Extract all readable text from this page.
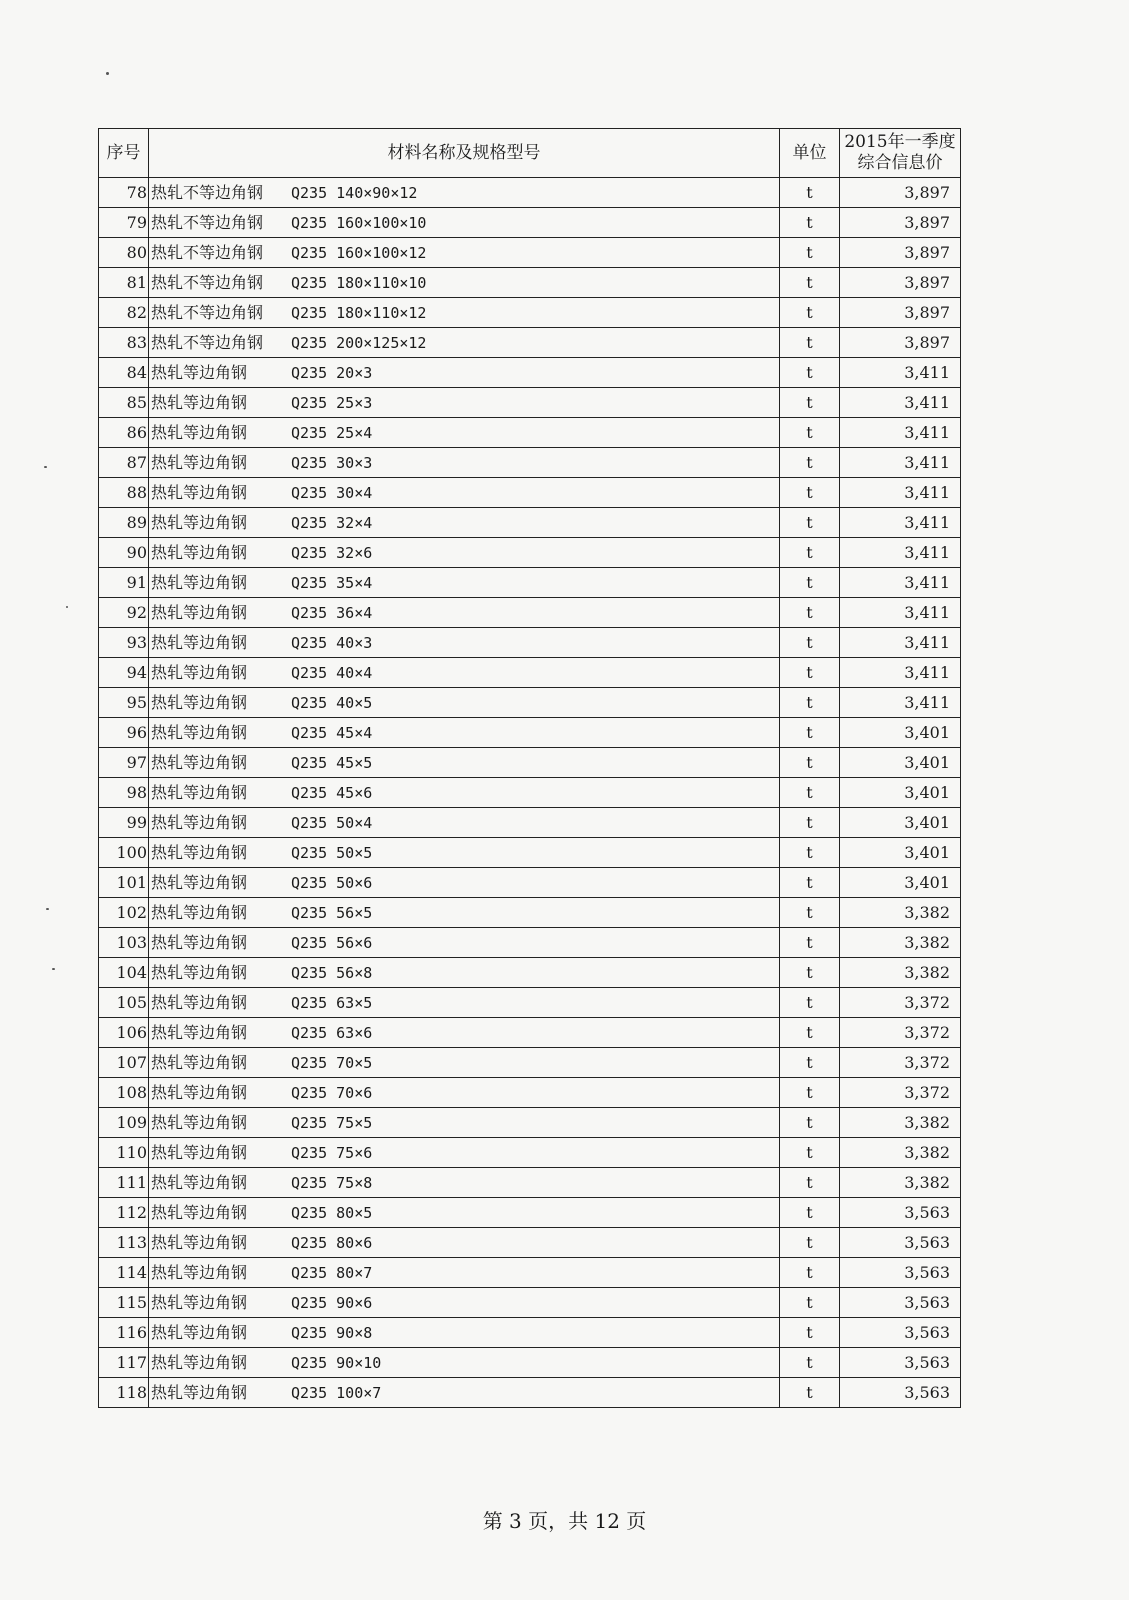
序号	材料名称及规格型号	单位	2015年一季度
综合信息价

78	热轧不等边角钢 Q235 140×90×12	t	3,897
79	热轧不等边角钢 Q235 160×100×10	t	3,897
80	热轧不等边角钢 Q235 160×100×12	t	3,897
81	热轧不等边角钢 Q235 180×110×10	t	3,897
82	热轧不等边角钢 Q235 180×110×12	t	3,897
83	热轧不等边角钢 Q235 200×125×12	t	3,897
84	热轧等边角钢 Q235 20×3	t	3,411
85	热轧等边角钢 Q235 25×3	t	3,411
86	热轧等边角钢 Q235 25×4	t	3,411
87	热轧等边角钢 Q235 30×3	t	3,411
88	热轧等边角钢 Q235 30×4	t	3,411
89	热轧等边角钢 Q235 32×4	t	3,411
90	热轧等边角钢 Q235 32×6	t	3,411
91	热轧等边角钢 Q235 35×4	t	3,411
92	热轧等边角钢 Q235 36×4	t	3,411
93	热轧等边角钢 Q235 40×3	t	3,411
94	热轧等边角钢 Q235 40×4	t	3,411
95	热轧等边角钢 Q235 40×5	t	3,411
96	热轧等边角钢 Q235 45×4	t	3,401
97	热轧等边角钢 Q235 45×5	t	3,401
98	热轧等边角钢 Q235 45×6	t	3,401
99	热轧等边角钢 Q235 50×4	t	3,401
100	热轧等边角钢 Q235 50×5	t	3,401
101	热轧等边角钢 Q235 50×6	t	3,401
102	热轧等边角钢 Q235 56×5	t	3,382
103	热轧等边角钢 Q235 56×6	t	3,382
104	热轧等边角钢 Q235 56×8	t	3,382
105	热轧等边角钢 Q235 63×5	t	3,372
106	热轧等边角钢 Q235 63×6	t	3,372
107	热轧等边角钢 Q235 70×5	t	3,372
108	热轧等边角钢 Q235 70×6	t	3,372
109	热轧等边角钢 Q235 75×5	t	3,382
110	热轧等边角钢 Q235 75×6	t	3,382
111	热轧等边角钢 Q235 75×8	t	3,382
112	热轧等边角钢 Q235 80×5	t	3,563
113	热轧等边角钢 Q235 80×6	t	3,563
114	热轧等边角钢 Q235 80×7	t	3,563
115	热轧等边角钢 Q235 90×6	t	3,563
116	热轧等边角钢 Q235 90×8	t	3,563
117	热轧等边角钢 Q235 90×10	t	3,563
118	热轧等边角钢 Q235 100×7	t	3,563
第 3 页，共 12 页
